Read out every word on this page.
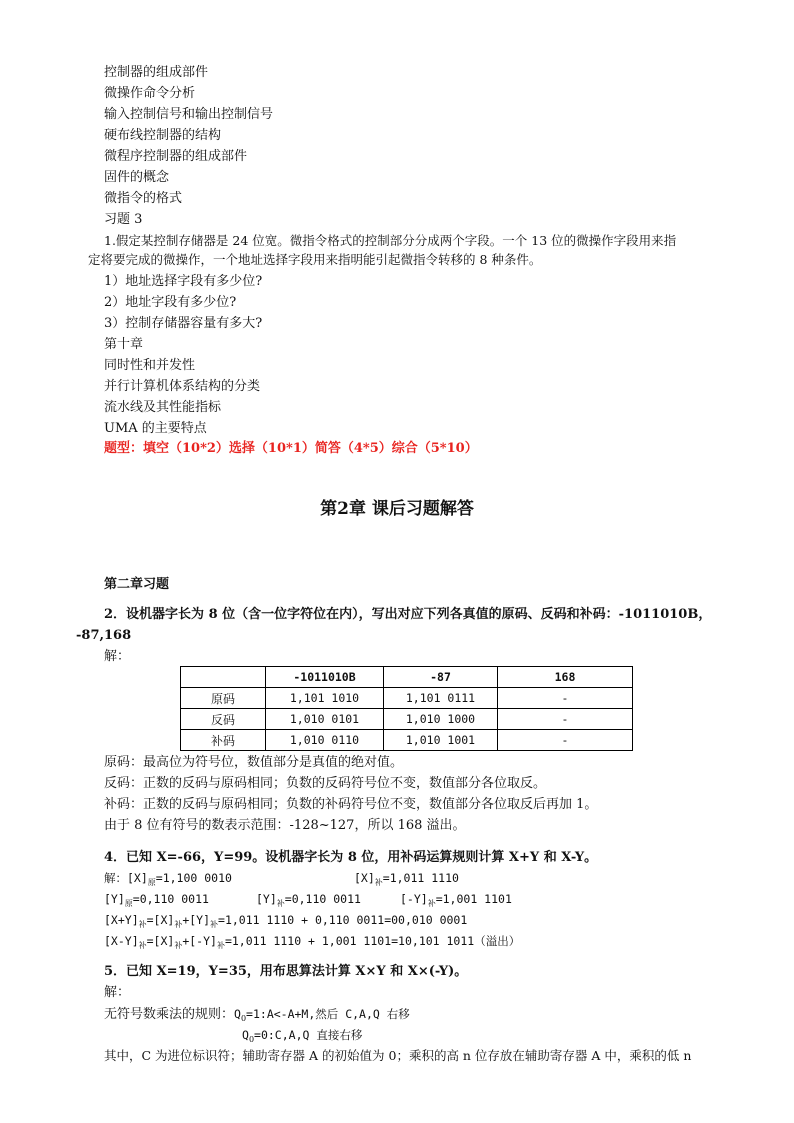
控制器的组成部件
微操作命令分析
输入控制信号和输出控制信号
硬布线控制器的结构
微程序控制器的组成部件
固件的概念
微指令的格式
习题 3
1.假定某控制存储器是 24 位宽。微指令格式的控制部分分成两个字段。一个 13 位的微操作字段用来指
定将要完成的微操作，一个地址选择字段用来指明能引起微指令转移的 8 种条件。
1）地址选择字段有多少位?
2）地址字段有多少位?
3）控制存储器容量有多大?
第十章
同时性和并发性
并行计算机体系结构的分类
流水线及其性能指标
UMA 的主要特点
题型：填空（10*2）选择（10*1）简答（4*5）综合（5*10）
第2章 课后习题解答
第二章习题
2．设机器字长为 8 位（含一位字符位在内），写出对应下列各真值的原码、反码和补码：-1011010B，
-87,168
解：
	-1011010B	-87	168
原码	1,101 1010	1,101 0111	-
反码	1,010 0101	1,010 1000	-
补码	1,010 0110	1,010 1001	-
原码：最高位为符号位，数值部分是真值的绝对值。
反码：正数的反码与原码相同；负数的反码符号位不变，数值部分各位取反。
补码：正数的反码与原码相同；负数的补码符号位不变，数值部分各位取反后再加 1。
由于 8 位有符号的数表示范围：-128~127，所以 168 溢出。
4．已知 X=-66，Y=99。设机器字长为 8 位，用补码运算规则计算 X+Y 和 X-Y。
解：$[X]_原=1,100$ 0010	$[X]_补=1,011$ 1110
$[Y]_原=0,110$ 0011	$[Y]_补=0,110$ 0011	$[-Y]_补=1,001$ 1101
$[X+Y]_补=[X]_补+[Y]_补=1,011$ 1110 + 0,110 0011=00,010 0001
$[X-Y]_补=[X]_补+[-Y]_补=1,011$ 1110 + 1,001 1101=10,101 1011（溢出）
5．已知 X=19，Y=35，用布思算法计算 X×Y 和 X×(-Y)。
解：
无符号数乘法的规则：$Q_0=1:A<-A+M$,然后 C,A,Q 右移
$Q_0=0:C,A,Q$ 直接右移
其中，C 为进位标识符；辅助寄存器 A 的初始值为 0；乘积的高 n 位存放在辅助寄存器 A 中，乘积的低 n
